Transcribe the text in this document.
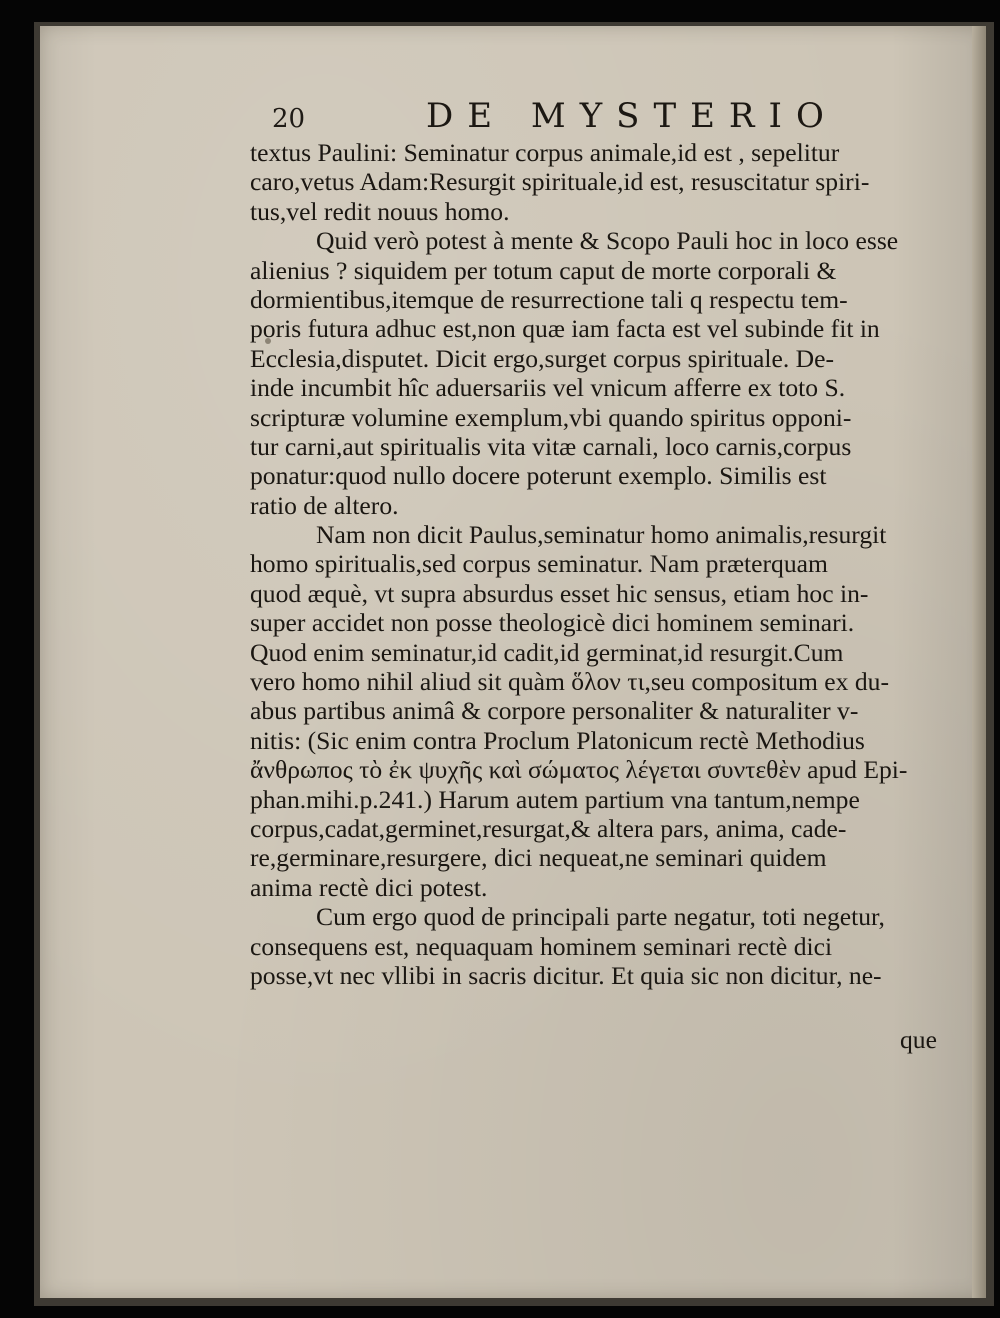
20	DE MYSTERIO
textus Paulini: Seminatur corpus animale,id est , sepelitur
caro,vetus Adam:Resurgit spirituale,id est, resuscitatur spiri-
tus,vel redit nouus homo.
Quid verò potest à mente & Scopo Pauli hoc in loco esse
alienius ? siquidem per totum caput de morte corporali &
dormientibus,itemque de resurrectione tali q respectu tem-
poris futura adhuc est,non quæ iam facta est vel subinde fit in
Ecclesia,disputet. Dicit ergo,surget corpus spirituale. De-
inde incumbit hîc aduersariis vel vnicum afferre ex toto S.
scripturæ volumine exemplum,vbi quando spiritus opponi-
tur carni,aut spiritualis vita vitæ carnali, loco carnis,corpus
ponatur:quod nullo docere poterunt exemplo. Similis est
ratio de altero.
Nam non dicit Paulus,seminatur homo animalis,resurgit
homo spiritualis,sed corpus seminatur. Nam præterquam
quod æquè, vt supra absurdus esset hic sensus, etiam hoc in-
super accidet non posse theologicè dici hominem seminari.
Quod enim seminatur,id cadit,id germinat,id resurgit.Cum
vero homo nihil aliud sit quàm ὅλον τι,seu compositum ex du-
abus partibus animâ & corpore personaliter & naturaliter v-
nitis: (Sic enim contra Proclum Platonicum rectè Methodius
ἄνθρωπος τὸ ἐκ ψυχῆς καὶ σώματος λέγεται συντεθὲν apud Epi-
phan.mihi.p.241.) Harum autem partium vna tantum,nempe
corpus,cadat,germinet,resurgat,& altera pars, anima, cade-
re,germinare,resurgere, dici nequeat,ne seminari quidem
anima rectè dici potest.
Cum ergo quod de principali parte negatur, toti negetur,
consequens est, nequaquam hominem seminari rectè dici
posse,vt nec vllibi in sacris dicitur. Et quia sic non dicitur, ne-
que
